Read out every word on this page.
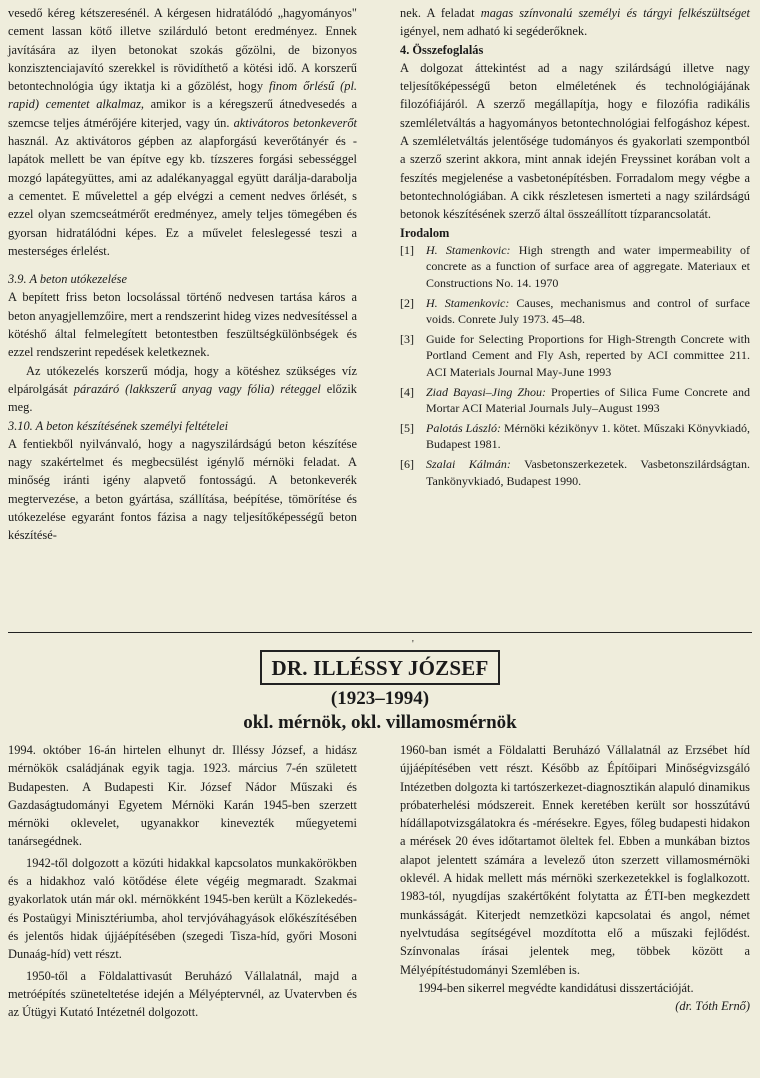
vesedő kéreg kétszeresénél. A kérgesen hidratálódó „hagyományos" cement lassan kötő illetve szilárduló betont eredményez. Ennek javítására az ilyen betonokat szokás gőzölni, de bizonyos konzisztenciajavító szerekkel is rövidíthető a kötési idő. A korszerű betontechnológia úgy iktatja ki a gőzölést, hogy finom őrlésű (pl. rapid) cementet alkalmaz, amikor is a kéregszerű átnedvesedés a szemcse teljes átmérőjére kiterjed, vagy ún. aktivátoros betonkeverőt használ. Az aktivátoros gépben az alapforgású keverőtányér és -lapátok mellett be van építve egy kb. tízszeres forgási sebességgel mozgó lapátegyüttes, ami az adalékanyaggal együtt darálja-darabolja a cementet. E művelettel a gép elvégzi a cement nedves őrlését, s ezzel olyan szemcseátmérőt eredményez, amely teljes tömegében és gyorsan hidratálódni képes. Ez a művelet feleslegessé teszi a mesterséges érlelést.

3.9. A beton utókezelése

A bepített friss beton locsolással történő nedvesen tartása káros a beton anyagjellemzőire, mert a rendszerint hideg vizes nedvesítéssel a kötéshő által felmelegített betontestben feszültségkülönbségek és ezzel rendszerint repedések keletkeznek.

Az utókezelés korszerű módja, hogy a kötéshez szükséges víz elpárolgását párazáró (lakkszerű anyag vagy fólia) réteggel előzik meg.

3.10. A beton készítésének személyi feltételei

A fentiekből nyilvánvaló, hogy a nagyszilárdságú beton készítése nagy szakértelmet és megbecsülést igénylő mérnöki feladat. A minőség iránti igény alapvető fontosságú. A betonkeverék megtervezése, a beton gyártása, szállítása, beépítése, tömörítése és utókezelése egyaránt fontos fázisa a nagy teljesítőképességű beton készítésé-

nek. A feladat magas színvonalú személyi és tárgyi felkészültséget igényel, nem adható ki segéderőknek.

4. Összefoglalás

A dolgozat áttekintést ad a nagy szilárdságú illetve nagy teljesítőképességű beton elméletének és technológiájának filozófiájáról. A szerző megállapítja, hogy e filozófia radikális szemléletváltás a hagyományos betontechnológiai felfogáshoz képest. A szemléletváltás jelentősége tudományos és gyakorlati szempontból a szerző szerint akkora, mint annak idején Freyssinet korában volt a feszítés megjelenése a vasbetonépítésben. Forradalom megy végbe a betontechnológiában. A cikk részletesen ismerteti a nagy szilárdságú betonok készítésének szerző által összeállított tízparancsolatát.

Irodalom

[1]	H. Stamenkovic: High strength and water impermeability of concrete as a function of surface area of aggregate. Materiaux et Constructions No. 14. 1970
[2]	H. Stamenkovic: Causes, mechanismus and control of surface voids. Conrete July 1973. 45–48.
[3]	Guide for Selecting Proportions for High-Strength Concrete with Portland Cement and Fly Ash, reperted by ACI committee 211. ACI Materials Journal May-June 1993
[4]	Ziad Bayasi–Jing Zhou: Properties of Silica Fume Concrete and Mortar ACI Material Journals July–August 1993
[5]	Palotás László: Mérnöki kézikönyv 1. kötet. Műszaki Könyvkiadó, Budapest 1981.
[6]	Szalai Kálmán: Vasbetonszerkezetek. Vasbetonszilárdságtan. Tankönyvkiadó, Budapest 1990.
'
DR. ILLÉSSY JÓZSEF
(1923–1994)
okl. mérnök, okl. villamosmérnök

1994. október 16-án hirtelen elhunyt dr. Illéssy József, a hidász mérnökök családjának egyik tagja. 1923. március 7-én született Budapesten. A Budapesti Kir. József Nádor Műszaki és Gazdaságtudományi Egyetem Mérnöki Karán 1945-ben szerzett mérnöki oklevelet, ugyanakkor kinevezték műegyetemi tanársegédnek.

1942-től dolgozott a közúti hidakkal kapcsolatos munkakörökben és a hidakhoz való kötődése élete végéig megmaradt. Szakmai gyakorlatok után már okl. mérnökként 1945-ben került a Közlekedés- és Postaügyi Minisztériumba, ahol tervjóváhagyások előkészítésében és jelentős hidak újjáépítésében (szegedi Tisza-híd, győri Mosoni Dunaág-híd) vett részt.

1950-től a Földalattivasút Beruházó Vállalatnál, majd a metróépítés szüneteltetése idején a Mélyéptervnél, az Uvatervben és az Útügyi Kutató Intézetnél dolgozott.

1960-ban ismét a Földalatti Beruházó Vállalatnál az Erzsébet híd újjáépítésében vett részt. Később az Építőipari Minőségvizsgáló Intézetben dolgozta ki tartószerkezet-diagnosztikán alapuló dinamikus próbaterhelési módszereit. Ennek keretében került sor hosszútávú hídállapotvizsgálatokra és -mérésekre. Egyes, főleg budapesti hidakon a mérések 20 éves időtartamot öleltek fel. Ebben a munkában biztos alapot jelentett számára a levelező úton szerzett villamosmérnöki oklevél. A hidak mellett más mérnöki szerkezetekkel is foglalkozott. 1983-tól, nyugdíjas szakértőként folytatta az ÉTI-ben megkezdett munkásságát. Kiterjedt nemzetközi kapcsolatai és angol, német nyelvtudása segítségével mozdította elő a műszaki fejlődést. Színvonalas írásai jelentek meg, többek között a Mélyépítéstudományi Szemlében is.

1994-ben sikerrel megvédte kandidátusi disszertációját.

(dr. Tóth Ernő)
